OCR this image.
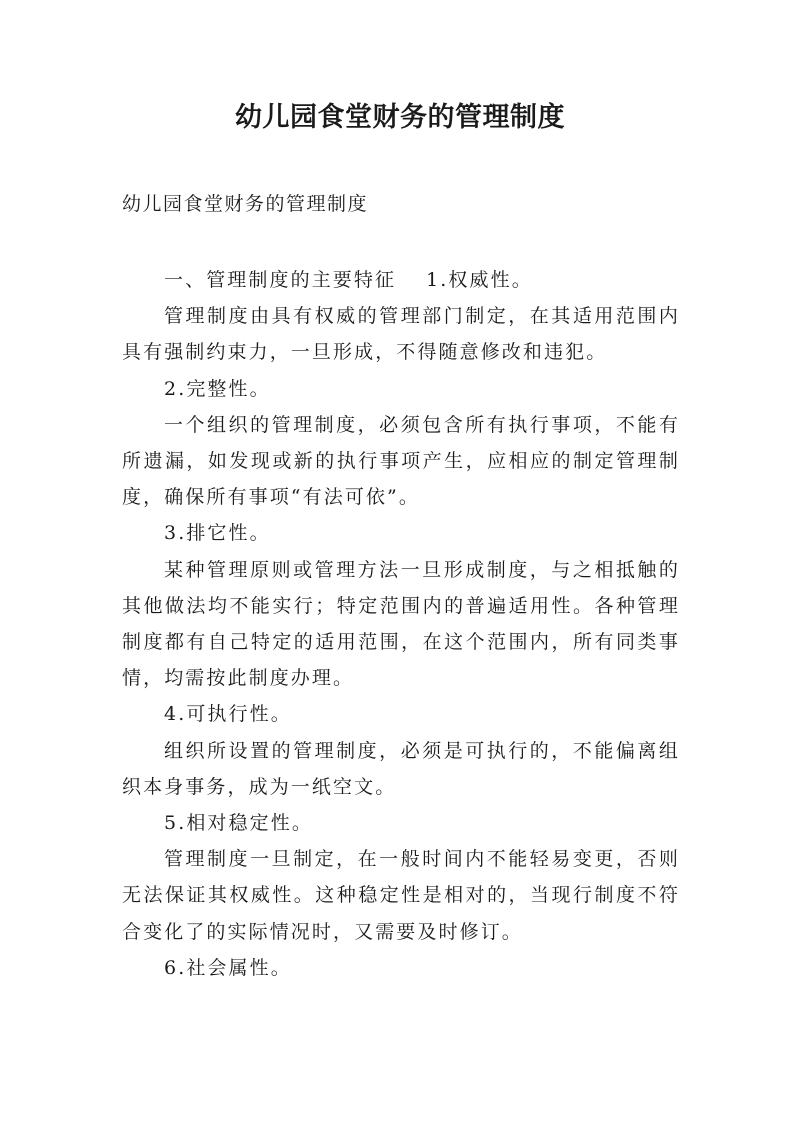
幼儿园食堂财务的管理制度

幼儿园食堂财务的管理制度

一、管理制度的主要特征 1.权威性。

管理制度由具有权威的管理部门制定，在其适用范围内具有强制约束力，一旦形成，不得随意修改和违犯。

2.完整性。

一个组织的管理制度，必须包含所有执行事项，不能有所遗漏，如发现或新的执行事项产生，应相应的制定管理制度，确保所有事项“有法可依”。

3.排它性。

某种管理原则或管理方法一旦形成制度，与之相抵触的其他做法均不能实行；特定范围内的普遍适用性。各种管理制度都有自己特定的适用范围，在这个范围内，所有同类事情，均需按此制度办理。

4.可执行性。

组织所设置的管理制度，必须是可执行的，不能偏离组织本身事务，成为一纸空文。

5.相对稳定性。

管理制度一旦制定，在一般时间内不能轻易变更，否则无法保证其权威性。这种稳定性是相对的，当现行制度不符合变化了的实际情况时，又需要及时修订。

6.社会属性。
